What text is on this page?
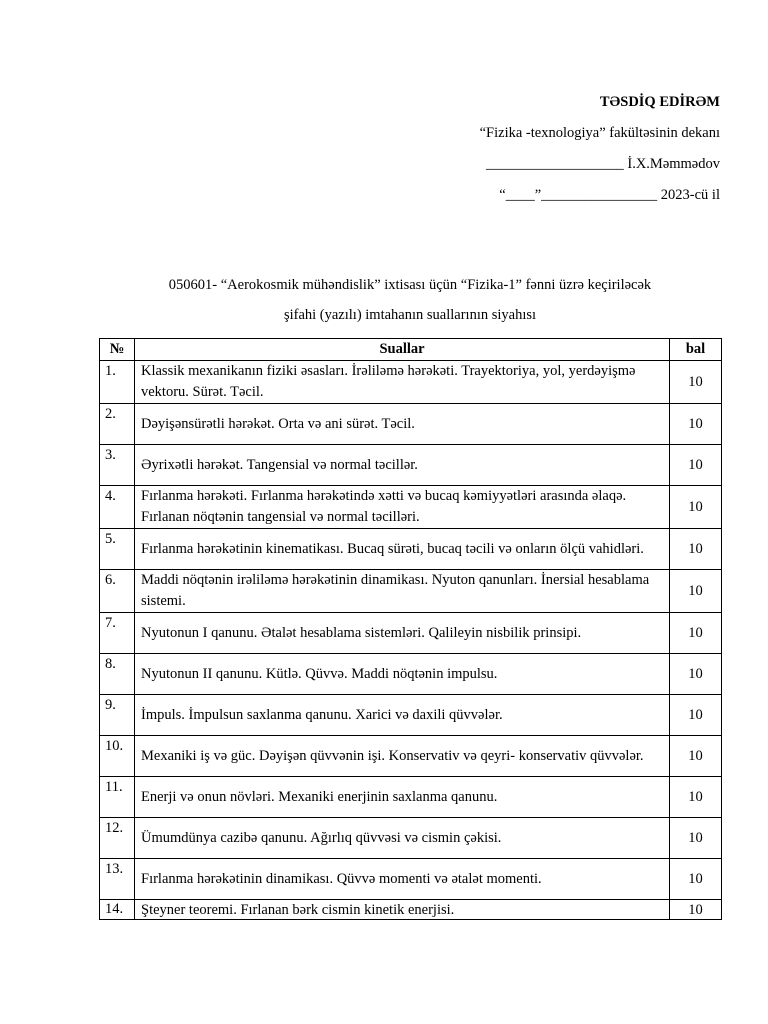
TƏSDİQ EDİRƏM
“Fizika -texnologiya” fakültəsinin dekanı
___________________ İ.X.Məmmədov
“____”________________ 2023-cü il
050601- “Aerokosmik mühəndislik” ixtisası üçün “Fizika-1” fənni üzrə keçiriləcək
şifahi (yazılı) imtahanın suallarının siyahısı
№	Suallar	bal
1.	Klassik mexanikanın fiziki əsasları. İrəliləmə hərəkəti. Trayektoriya, yol, yerdəyişmə vektoru. Sürət. Təcil.	10
2.	Dəyişənsürətli hərəkət. Orta və ani sürət. Təcil.	10
3.	Əyrixətli hərəkət. Tangensial və normal təcillər.	10
4.	Fırlanma hərəkəti. Fırlanma hərəkətində xətti və bucaq kəmiyyətləri arasında əlaqə. Fırlanan nöqtənin tangensial və normal təcilləri.	10
5.	Fırlanma hərəkətinin kinematikası. Bucaq sürəti, bucaq təcili və onların ölçü vahidləri.	10
6.	Maddi nöqtənin irəliləmə hərəkətinin dinamikası. Nyuton qanunları. İnersial hesablama sistemi.	10
7.	Nyutonun I qanunu. Ətalət hesablama sistemləri. Qalileyin nisbilik prinsipi.	10
8.	Nyutonun II qanunu. Kütlə. Qüvvə. Maddi nöqtənin impulsu.	10
9.	İmpuls. İmpulsun saxlanma qanunu. Xarici və daxili qüvvələr.	10
10.	Mexaniki iş və güc. Dəyişən qüvvənin işi. Konservativ və qeyri- konservativ qüvvələr.	10
11.	Enerji və onun növləri. Mexaniki enerjinin saxlanma qanunu.	10
12.	Ümumdünya cazibə qanunu. Ağırlıq qüvvəsi və cismin çəkisi.	10
13.	Fırlanma hərəkətinin dinamikası. Qüvvə momenti və ətalət momenti.	10
14.	Şteyner teoremi. Fırlanan bərk cismin kinetik enerjisi.	10
